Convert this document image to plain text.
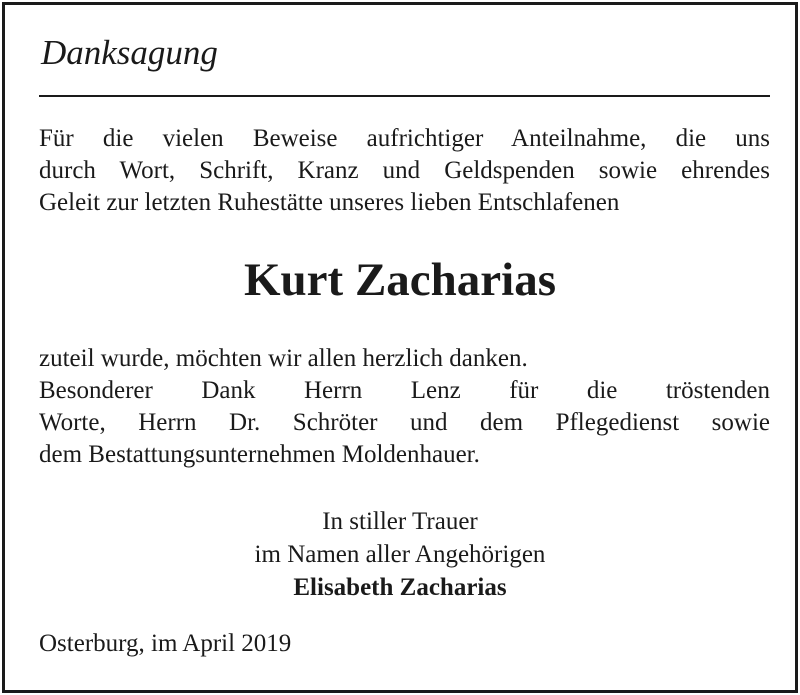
Danksagung
Für die vielen Beweise aufrichtiger Anteilnahme, die uns
durch Wort, Schrift, Kranz und Geldspenden sowie ehrendes
Geleit zur letzten Ruhestätte unseres lieben Entschlafenen
Kurt Zacharias
zuteil wurde, möchten wir allen herzlich danken.
Besonderer Dank Herrn Lenz für die tröstenden
Worte, Herrn Dr. Schröter und dem Pflegedienst sowie
dem Bestattungsunternehmen Moldenhauer.
In stiller Trauer
im Namen aller Angehörigen
Elisabeth Zacharias
Osterburg, im April 2019
